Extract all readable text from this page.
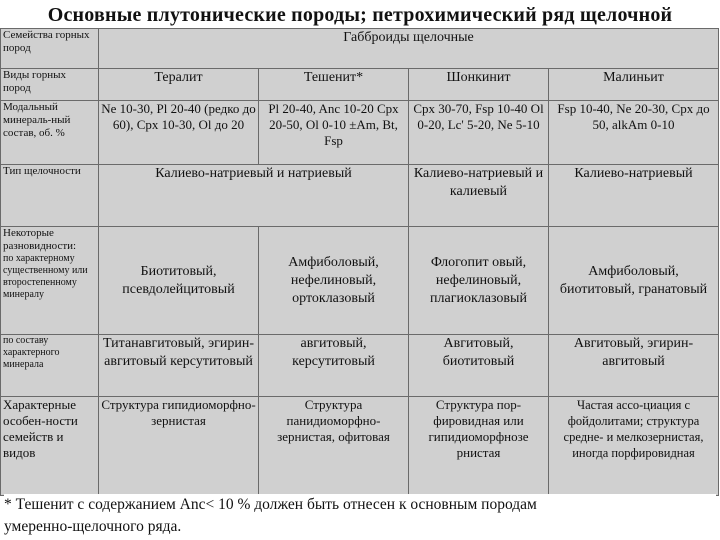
Основные плутонические породы; петрохимический ряд щелочной
Семейства горных пород	Габброиды щелочные			
Виды горных пород	Тералит	Тешенит*	Шонкинит	Малиньит
Модальный минераль-ный состав, об. %	Ne 10-30, Pl 20-40 (редко до 60), Cpx 10-30, Ol до 20	Pl 20-40, Anc 10-20 Cpx 20-50, Ol 0-10 ±Am, Bt, Fsp	Cpx 30-70, Fsp 10-40 Ol 0-20, Lc' 5-20, Ne 5-10	Fsp 10-40, Ne 20-30, Cpx до 50, alkAm 0-10
Тип щелочности	Калиево-натриевый и натриевый		Калиево-натриевый и калиевый	Калиево-натриевый

Некоторые разновидности:
по характерному существенному или второстепенному минералу	Биотитовый, псевдолейцитовый	Амфиболовый, нефелиновый, ортоклазовый	Флогопит овый, нефелиновый, плагиоклазовый	Амфиболовый, биотитовый, гранатовый
по составу характерного минерала	Титанавгитовый, эгирин-авгитовый керсутитовый	авгитовый, керсутитовый	Авгитовый, биотитовый	Авгитовый, эгирин-авгитовый
Характерные особен-ности семейств и видов	Структура гипидиоморфно-зернистая	Структура панидиоморфно-зернистая, офитовая	Структура пор-фировидная или гипидиоморфнозе рнистая	Частая ассо-циация с фойдолитами; структура средне- и мелкозернистая, иногда порфировидная
* Тешенит с содержанием Anc< 10 % должен быть отнесен к основным породам
умеренно-щелочного ряда.
